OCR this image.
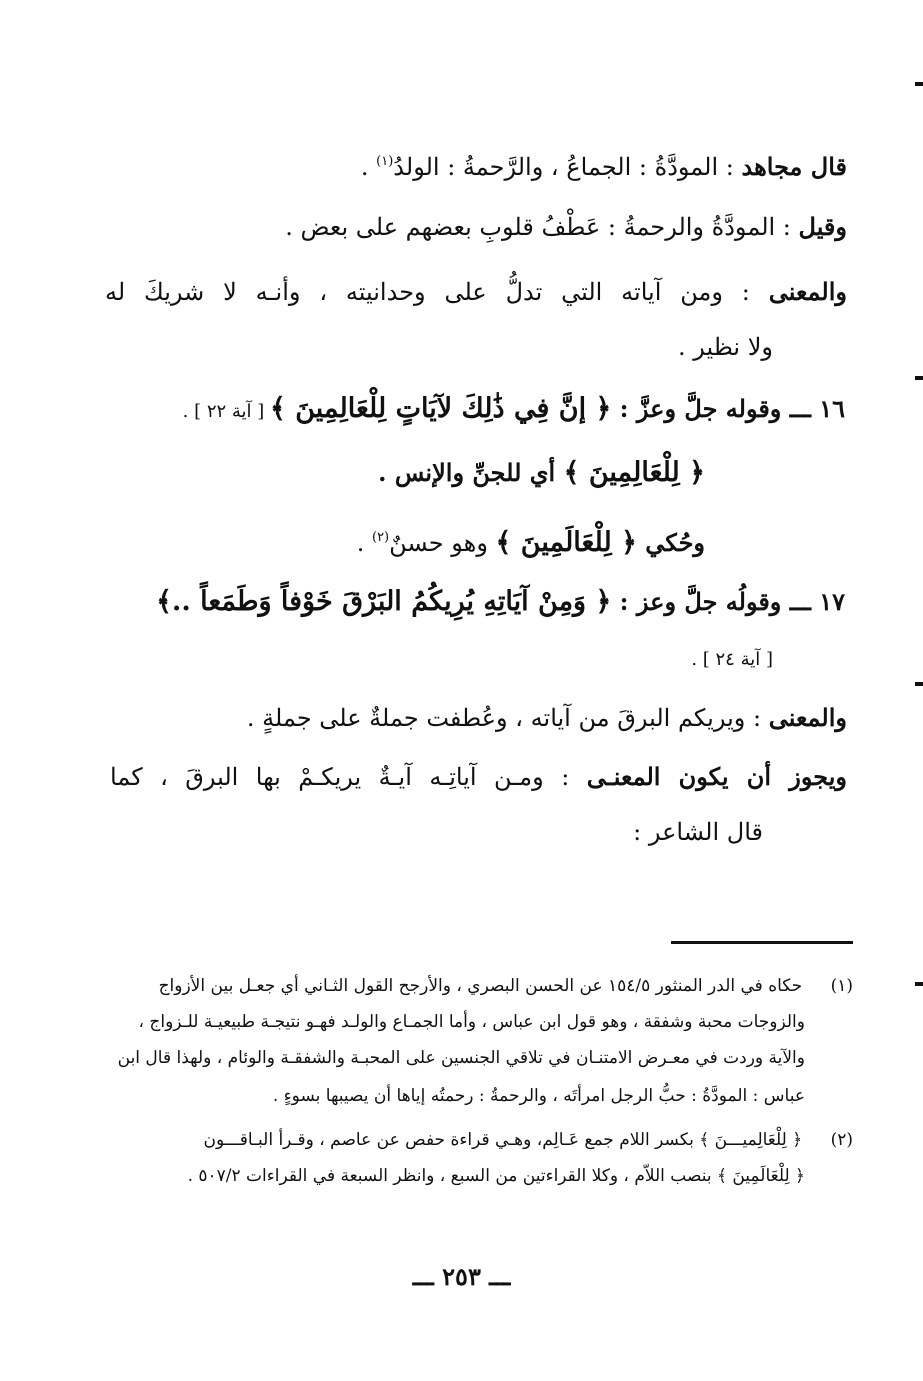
قال مجاهد : المودَّةُ : الجماعُ ، والرَّحمةُ : الولدُ$^{(١)}$ .
وقيل : المودَّةُ والرحمةُ : عَطْفُ قلوبِ بعضهم على بعض .
والمعنى : ومن آياته التي تدلُّ على وحدانيته ، وأنـه لا شريكَ له
ولا نظير .
١٦ ـــ وقوله جلَّ وعزَّ : ﴿ إنَّ فِي ذَٰلِكَ لآيَاتٍ لِلْعَالِمِينَ ﴾ [ آية ٢٢ ] .
﴿ لِلْعَالِمِينَ ﴾ أي للجنِّ والإنس .
وحُكي ﴿ لِلْعَالَمِينَ ﴾ وهو حسنٌ$^{(٢)}$ .
١٧ ـــ وقولُه جلَّ وعز : ﴿ وَمِنْ آيَاتِهِ يُرِيكُمُ البَرْقَ خَوْفاً وَطَمَعاً ..﴾
[ آية ٢٤ ] .
والمعنى : ويريكم البرقَ من آياته ، وعُطفت جملةٌ على جملةٍ .
ويجوز أن يكون المعنـى : ومـن آياتِـه آيـةٌ يريكـمْ بها البرقَ ، كما
قال الشاعر :
(١)  حكاه في الدر المنثور ١٥٤/٥ عن الحسن البصري ، والأرجح القول الثـاني أي جعـل بين الأزواج
والزوجات محبة وشفقة ، وهو قول ابن عباس ، وأما الجمـاع والولـد فهـو نتيجـة طبيعيـة للـزواج ،
والآية وردت في معـرض الامتنـان في تلاقي الجنسين على المحبـة والشفقـة والوئام ، ولهذا قال ابن
عباس : المودَّةُ : حبُّ الرجل امرأتَه ، والرحمةُ : رحمتُه إياها أن يصيبها بسوءٍ .
(٢)  ﴿ لِلْعَالِميـــنَ ﴾ بكسر اللام جمع عَـالِم، وهـي قراءة حفص عن عاصم ، وقـرأ البـاقـــون
﴿ لِلْعَالَمِينَ ﴾ بنصب اللاّم ، وكلا القراءتين من السبع ، وانظر السبعة في القراءات ٥٠٧/٢ .
ـــ ٢٥٣ ـــ
